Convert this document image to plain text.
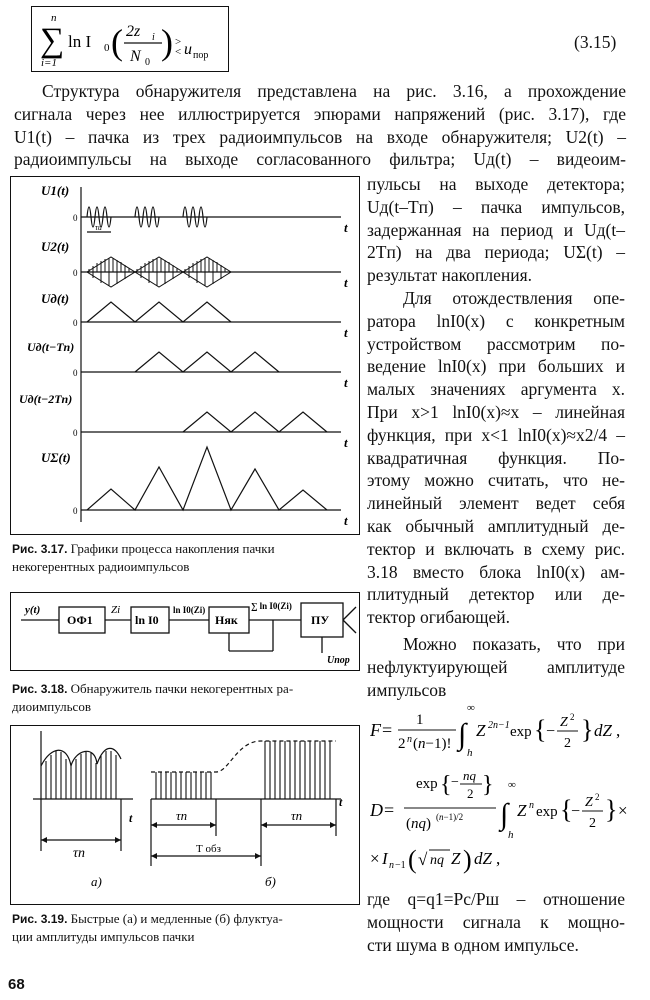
n
∑
i=1
ln I 0 ( 2z i
N 0
) >
< u пор
(3.15)
Структура обнаружителя представлена на рис. 3.16, а прохождение
сигнала через нее иллюстрируется эпюрами напряжений (рис. 3.17), где
U1(t) – пачка из трех радиоимпульсов на входе обнаружителя; U2(t) –
радиоимпульсы на выходе согласованного фильтра; Uд(t) – видеоим-
пульсы на выходе детектора;
Uд(t–Tп) – пачка импульсов,
задержанная на период и Uд(t–
2Tп) на два периода; UΣ(t) –
результат накопления.
Для отождествления опе-
ратора lnI0(x) с конкретным
устройством рассмотрим по-
ведение lnI0(x) при больших и
малых значениях аргумента x.
При x>1 lnI0(x)≈x – линейная
функция, при x<1 lnI0(x)≈x2/4 –
квадратичная функция. По-
этому можно считать, что не-
линейный элемент ведет себя
как обычный амплитудный де-
тектор и включать в схему рис.
3.18 вместо блока lnI0(x) ам-
плитудный детектор или де-
тектор огибающей.
Можно показать, что при
нефлуктуирующей амплитуде
импульсов
F = 1
2 n (n−1)! ∫
∞
h
Z 2n−1 exp { −
Z 2
2 } dZ ,
D =
exp { − nq
2 }
(nq) (n−1)/2 ∫
∞
h
Z n exp {
−
Z 2
2 } ×
× I n −1 ( √ nq Z ) dZ ,
где q=q1=Pc/Pш – отношение
мощности сигнала к мощно-
сти шума в одном импульсе.
U1(t)
U2(t)
Uд(t)
Uд(t−Tп)
Uд(t−2Tп)
UΣ(t)
0
0
0
0
0
0
t
t
t
t
t
t
τи
Рис. 3.17. Графики процесса накопления пачки
некогерентных радиоимпульсов
y(t)
ОФ1
Zi
ln I0
ln I0(Zi)
Няк
∑ ln I0(Zi)
ПУ
Uпор
Рис. 3.18. Обнаружитель пачки некогерентных ра-
диоимпульсов
t
t
τп
τп	τп
Т обз
а)	б)
Рис. 3.19. Быстрые (а) и медленные (б) флуктуа-
ции амплитуды импульсов пачки
68
